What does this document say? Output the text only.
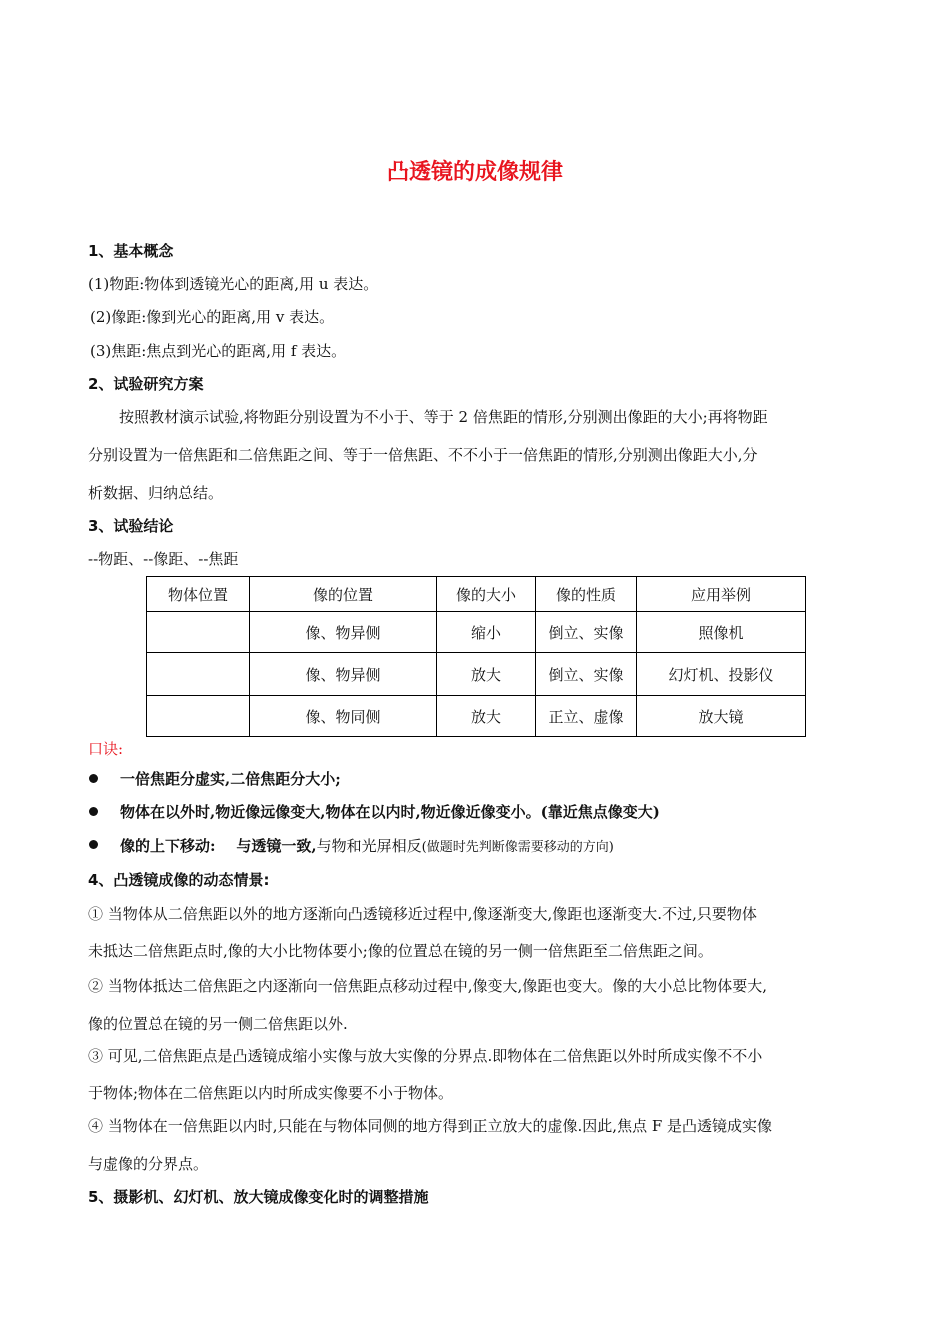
凸透镜的成像规律
1、基本概念
(1)物距:物体到透镜光心的距离,用 u 表达。
(2)像距:像到光心的距离,用 v 表达。
(3)焦距:焦点到光心的距离,用 f 表达。
2、试验研究方案
按照教材演示试验,将物距分别设置为不小于、等于 2 倍焦距的情形,分别测出像距的大小;再将物距
分别设置为一倍焦距和二倍焦距之间、等于一倍焦距、不不小于一倍焦距的情形,分别测出像距大小,分
析数据、归纳总结。
3、试验结论
--物距、--像距、--焦距
物体位置	像的位置	像的大小	像的性质	应用举例
	像、物异侧	缩小	倒立、实像	照像机
	像、物异侧	放大	倒立、实像	幻灯机、投影仪
	像、物同侧	放大	正立、虚像	放大镜
口诀:
一倍焦距分虚实,二倍焦距分大小;
物体在以外时,物近像远像变大,物体在以内时,物近像近像变小。(靠近焦点像变大)
像的上下移动:    与透镜一致,与物和光屏相反(做题时先判断像需要移动的方向)
4、凸透镜成像的动态情景:
① 当物体从二倍焦距以外的地方逐渐向凸透镜移近过程中,像逐渐变大,像距也逐渐变大.不过,只要物体
未抵达二倍焦距点时,像的大小比物体要小;像的位置总在镜的另一侧一倍焦距至二倍焦距之间。
② 当物体抵达二倍焦距之内逐渐向一倍焦距点移动过程中,像变大,像距也变大。像的大小总比物体要大,
像的位置总在镜的另一侧二倍焦距以外.
③ 可见,二倍焦距点是凸透镜成缩小实像与放大实像的分界点.即物体在二倍焦距以外时所成实像不不小
于物体;物体在二倍焦距以内时所成实像要不小于物体。
④ 当物体在一倍焦距以内时,只能在与物体同侧的地方得到正立放大的虚像.因此,焦点 F 是凸透镜成实像
与虚像的分界点。
5、摄影机、幻灯机、放大镜成像变化时的调整措施
